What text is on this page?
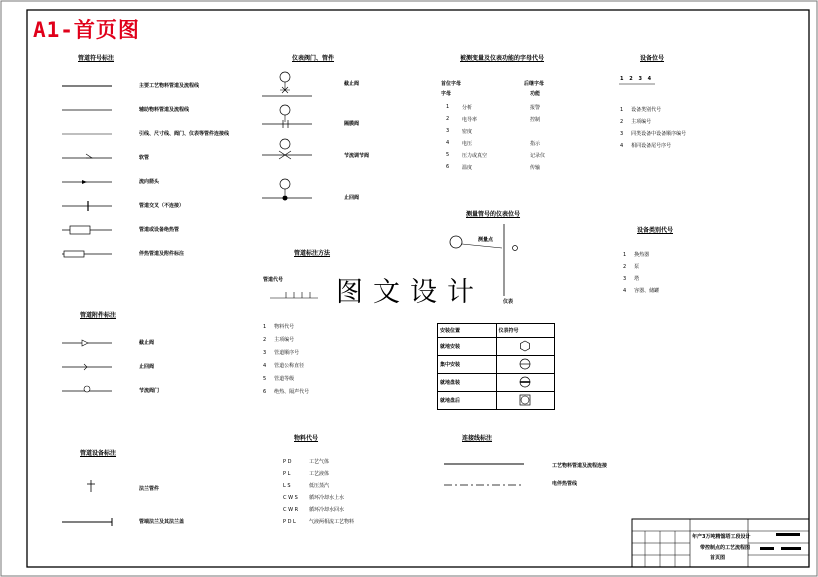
A1-首页图
图文设计
管道符号标注
主要工艺物料管道及流程线
辅助物料管道及流程线
引线、尺寸线、阀门、仪表等管件连接线
软管
流向箭头
管道交叉（不连接）
管道或设备绝热管
伴热管道及附件标注
管道附件标注
截止阀
止回阀
节流阀门
管道设备标注
法兰管件
管端法兰及其法兰盖
仪表阀门、管件
截止阀
隔膜阀
节流调节阀
止回阀
管道标注方法
管道代号
1     物料代号
2     主项编号
3     管道顺序号
4     管道公称直径
5     管道等级
6     绝热、隔声代号
物料代号
P D	工艺气体
P L	工艺液体
L S	低压蒸汽
C W S 循环冷却水上水
C W R 循环冷却水回水
P D L	气液两相流工艺物料
被测变量及仪表功能的字母代号
首位字母	后继字母
字母	功能
1	分析	报警
2	电导率	控制
3	密度
4	电压	指示
5	压力或真空	记录仪
6	温度	传输
测量管号的仪表位号
测量点
仪表
安装位置	仪表符号
就地安装	
集中安装	
就地盘装	
就地盘后	
连接线标注
工艺物料管道及流程连接
电伴热管线
设备位号
1 2 3 4
1     设备类别代号
2     主项编号
3     同类设备中设备顺序编号
4     相同设备尾号序号
设备类别代号
1 换热器
2 泵
3 塔
4 容器、储罐
年产3万吨精馏塔工段设计
带控制点的工艺流程图
首页图
